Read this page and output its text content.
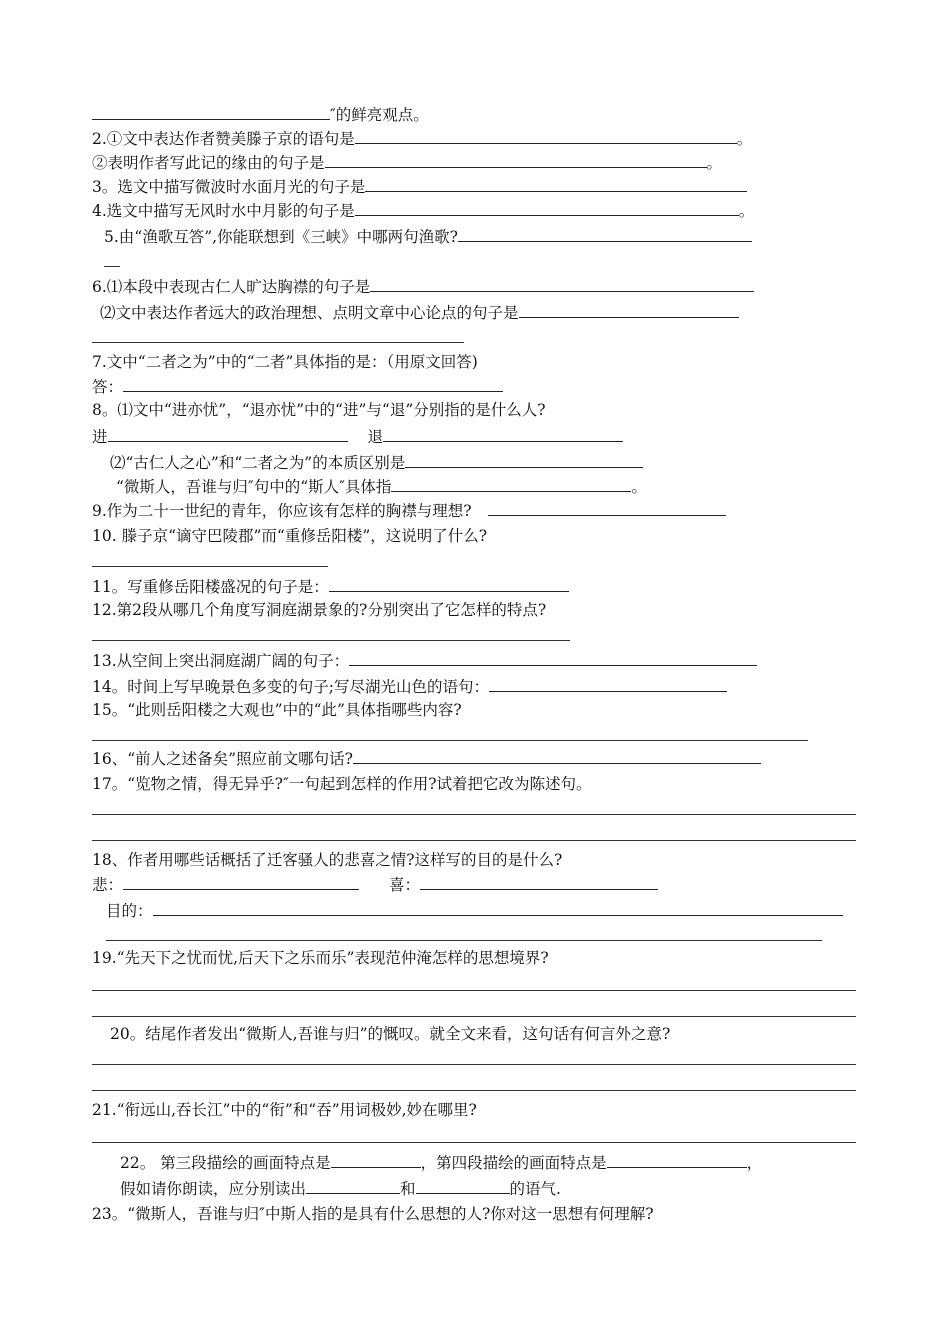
″的鲜亮观点。
2.①文中表达作者赞美滕子京的语句是	。
②表明作者写此记的缘由的句子是	。
3。选文中描写微波时水面月光的句子是
4.选文中描写无风时水中月影的句子是	。
5.由“渔歌互答”,你能联想到《三峡》中哪两句渔歌?
6.⑴本段中表现古仁人旷达胸襟的句子是
⑵文中表达作者远大的政治理想、点明文章中心论点的句子是
7.文中“二者之为”中的“二者”具体指的是：（用原文回答)
答：
8。⑴文中“进亦忧”，“退亦忧”中的“进”与“退”分别指的是什么人?
进	退
⑵“古仁人之心”和“二者之为”的本质区别是
“微斯人，吾谁与归″句中的“斯人″具体指	。
9.作为二十一世纪的青年，你应该有怎样的胸襟与理想?
10. 滕子京“谪守巴陵郡”而“重修岳阳楼”，这说明了什么?
11。写重修岳阳楼盛况的句子是：
12.第2段从哪几个角度写洞庭湖景象的?分别突出了它怎样的特点?
13.从空间上突出洞庭湖广阔的句子：
14。时间上写早晚景色多变的句子;写尽湖光山色的语句：
15。“此则岳阳楼之大观也”中的“此”具体指哪些内容?
16、“前人之述备矣”照应前文哪句话?
17。“览物之情，得无异乎?″一句起到怎样的作用?试着把它改为陈述句。
18、作者用哪些话概括了迁客骚人的悲喜之情?这样写的目的是什么?
悲：	喜：
目的：
19.“先天下之忧而忧,后天下之乐而乐”表现范仲淹怎样的思想境界?
20。结尾作者发出“微斯人,吾谁与归”的慨叹。就全文来看，这句话有何言外之意?
21.“衔远山,吞长江”中的“衔”和“吞”用词极妙,妙在哪里?
22。 第三段描绘的画面特点是	，第四段描绘的画面特点是	，
假如请你朗读，应分别读出	和	的语气.
23。“微斯人，吾谁与归″中斯人指的是具有什么思想的人?你对这一思想有何理解?
